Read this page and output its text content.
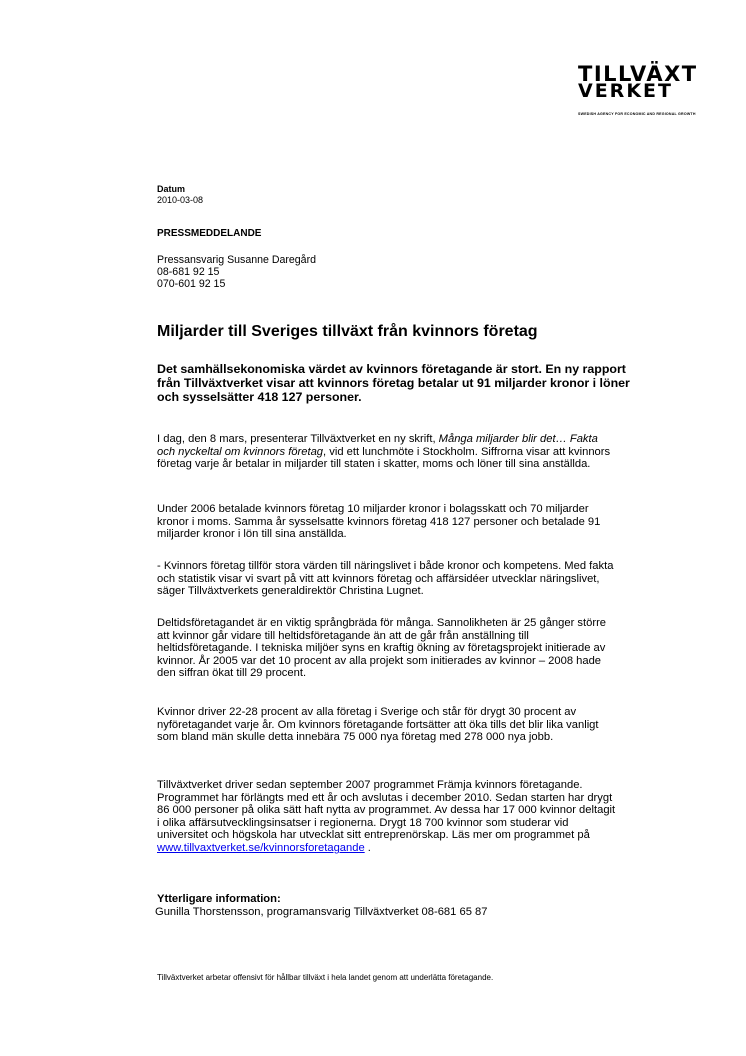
TILLVÄXT
VERKET
SWEDISH AGENCY FOR ECONOMIC AND REGIONAL GROWTH
Datum
2010-03-08
PRESSMEDDELANDE
Pressansvarig Susanne Daregård
08-681 92 15
070-601 92 15
Miljarder till Sveriges tillväxt från kvinnors företag
Det samhällsekonomiska värdet av kvinnors företagande är stort. En ny rapport från Tillväxtverket visar att kvinnors företag betalar ut 91 miljarder kronor i löner och sysselsätter 418 127 personer.

I dag, den 8 mars, presenterar Tillväxtverket en ny skrift, Många miljarder blir det… Fakta och nyckeltal om kvinnors företag, vid ett lunchmöte i Stockholm. Siffrorna visar att kvinnors företag varje år betalar in miljarder till staten i skatter, moms och löner till sina anställda.

Under 2006 betalade kvinnors företag 10 miljarder kronor i bolagsskatt och 70 miljarder kronor i moms. Samma år sysselsatte kvinnors företag 418 127 personer och betalade 91 miljarder kronor i lön till sina anställda.
- Kvinnors företag tillför stora värden till näringslivet i både kronor och kompetens. Med fakta och statistik visar vi svart på vitt att kvinnors företag och affärsidéer utvecklar näringslivet, säger Tillväxtverkets generaldirektör Christina Lugnet.
Deltidsföretagandet är en viktig språngbräda för många. Sannolikheten är 25 gånger större att kvinnor går vidare till heltidsföretagande än att de går från anställning till heltidsföretagande. I tekniska miljöer syns en kraftig ökning av företagsprojekt initierade av kvinnor. År 2005 var det 10 procent av alla projekt som initierades av kvinnor – 2008 hade den siffran ökat till 29 procent.
Kvinnor driver 22-28 procent av alla företag i Sverige och står för drygt 30 procent av nyföretagandet varje år. Om kvinnors företagande fortsätter att öka tills det blir lika vanligt som bland män skulle detta innebära 75 000 nya företag med 278 000 nya jobb.

Tillväxtverket driver sedan september 2007 programmet Främja kvinnors företagande. Programmet har förlängts med ett år och avslutas i december 2010. Sedan starten har drygt 86 000 personer på olika sätt haft nytta av programmet. Av dessa har 17 000 kvinnor deltagit i olika affärsutvecklingsinsatser i regionerna. Drygt 18 700 kvinnor som studerar vid universitet och högskola har utvecklat sitt entreprenörskap. Läs mer om programmet på www.tillvaxtverket.se/kvinnorsforetagande .

Ytterligare information:
Gunilla Thorstensson, programansvarig Tillväxtverket 08-681 65 87
Tillväxtverket arbetar offensivt för hållbar tillväxt i hela landet genom att underlätta företagande.
